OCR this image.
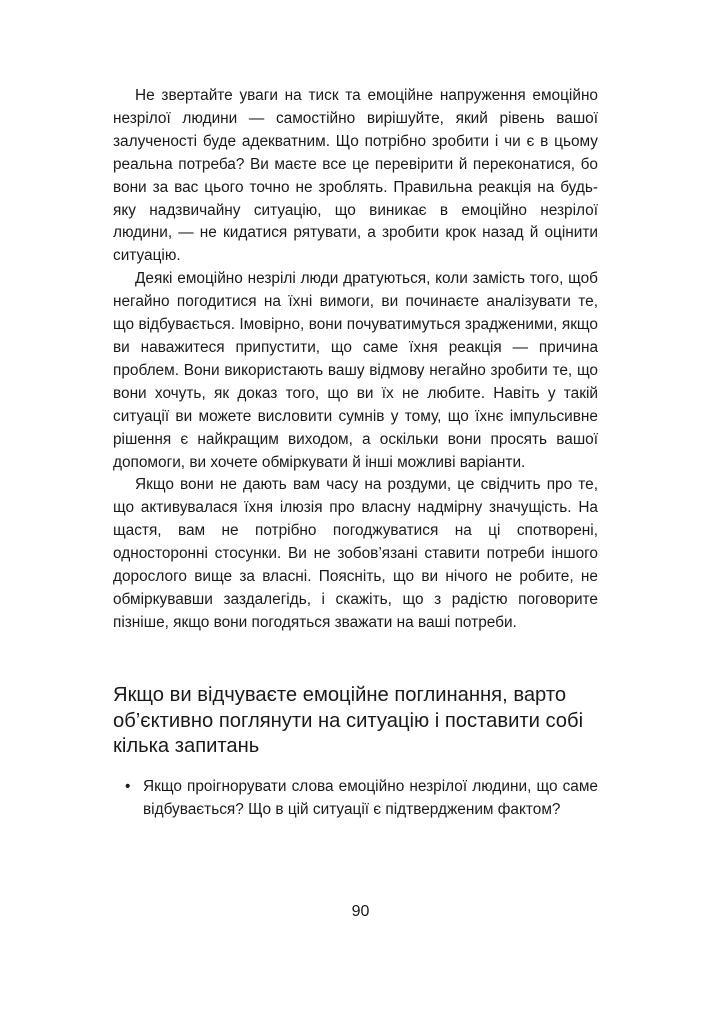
Не звертайте уваги на тиск та емоційне напруження емоційно незрілої людини — самостійно вирішуйте, який рівень вашої залученості буде адекватним. Що потрібно зробити і чи є в цьому реальна потреба? Ви маєте все це перевірити й переконатися, бо вони за вас цього точно не зроблять. Правильна реакція на будь-яку надзвичайну ситуацію, що виникає в емоційно незрілої людини, — не кидатися рятувати, а зробити крок назад й оцінити ситуацію.

Деякі емоційно незрілі люди дратуються, коли замість того, щоб негайно погодитися на їхні вимоги, ви починаєте аналізувати те, що відбувається. Імовірно, вони почуватимуться зрадженими, якщо ви наважитеся припустити, що саме їхня реакція — причина проблем. Вони використають вашу відмову негайно зробити те, що вони хочуть, як доказ того, що ви їх не любите. Навіть у такій ситуації ви можете висловити сумнів у тому, що їхнє імпульсивне рішення є найкращим виходом, а оскільки вони просять вашої допомоги, ви хочете обміркувати й інші можливі варіанти.

Якщо вони не дають вам часу на роздуми, це свідчить про те, що активувалася їхня ілюзія про власну надмірну значущість. На щастя, вам не потрібно погоджуватися на ці спотворені, односторонні стосунки. Ви не зобов’язані ставити потреби іншого дорослого вище за власні. Поясніть, що ви нічого не робите, не обміркувавши заздалегідь, і скажіть, що з радістю поговорите пізніше, якщо вони погодяться зважати на ваші потреби.

Якщо ви відчуваєте емоційне поглинання, варто об’єктивно поглянути на ситуацію і поставити собі кілька запитань
• Якщо проігнорувати слова емоційно незрілої людини, що саме відбувається? Що в цій ситуації є підтвердженим фактом?
90
